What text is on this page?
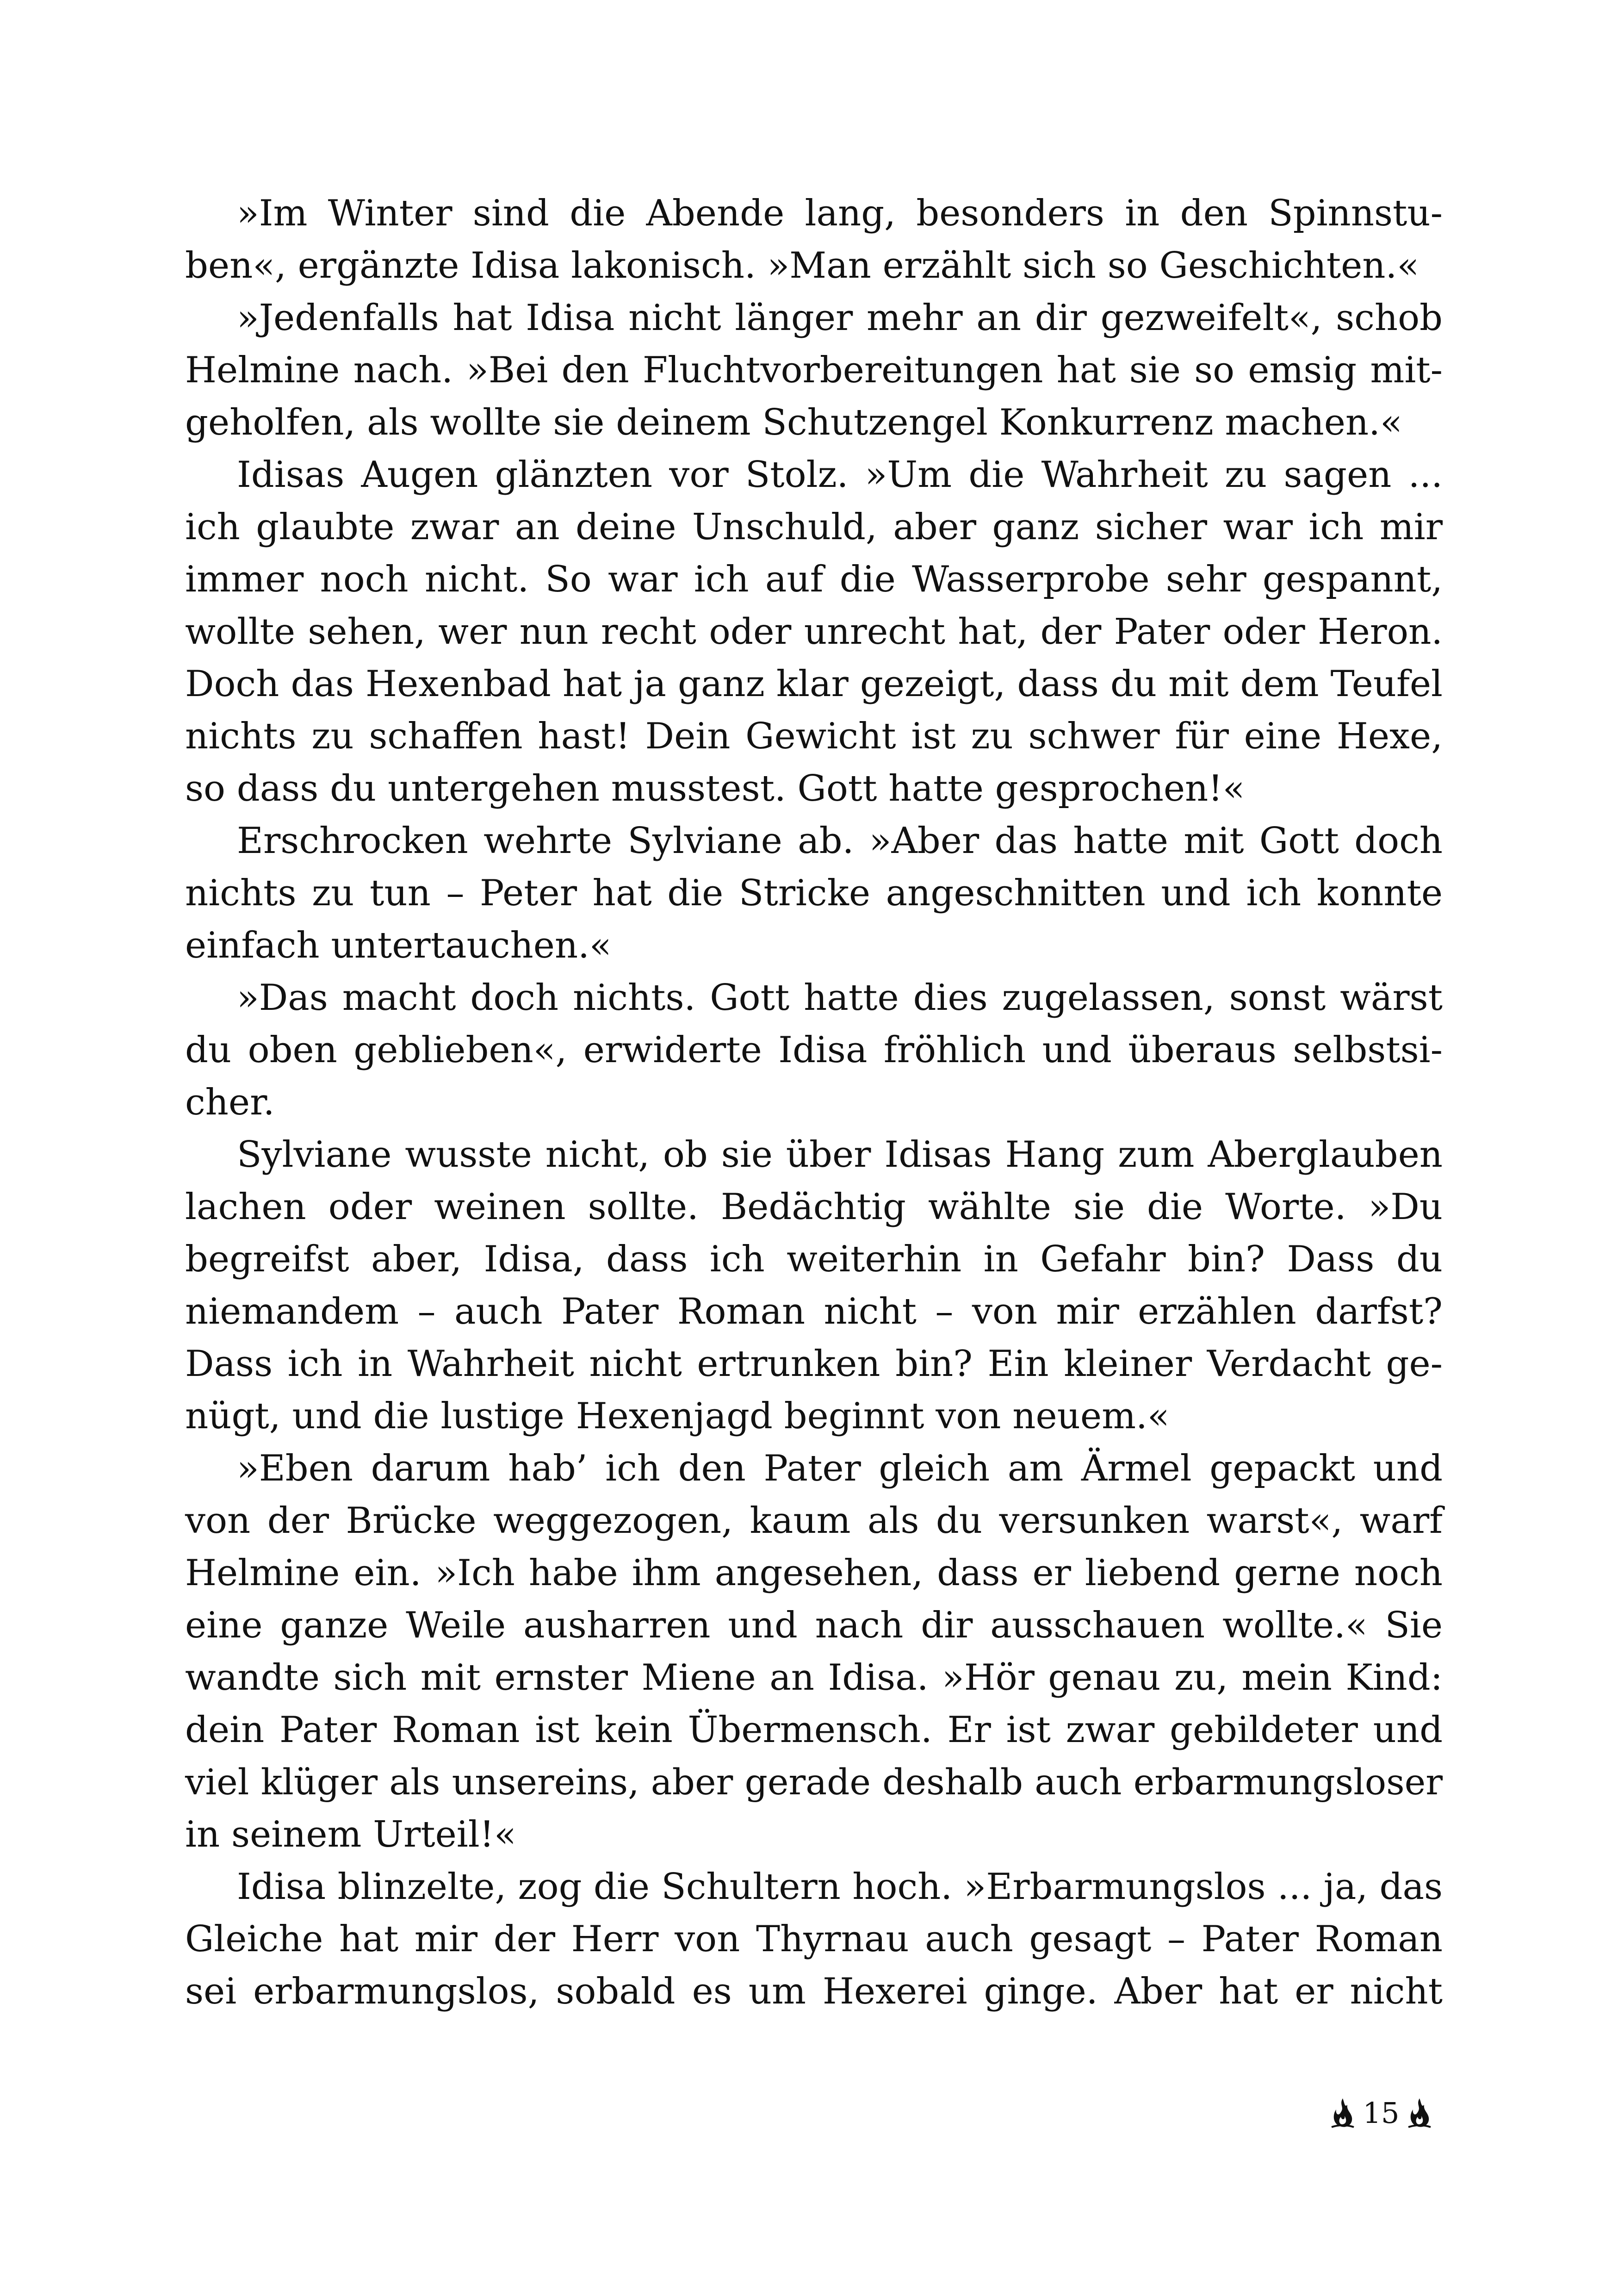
»Im Winter sind die Abende lang, besonders in den Spinnstu-
ben«, ergänzte Idisa lakonisch. »Man erzählt sich so Geschichten.«
»Jedenfalls hat Idisa nicht länger mehr an dir gezweifelt«, schob
Helmine nach. »Bei den Fluchtvorbereitungen hat sie so emsig mit-
geholfen, als wollte sie deinem Schutzengel Konkurrenz machen.«
Idisas Augen glänzten vor Stolz. »Um die Wahrheit zu sagen ...
ich glaubte zwar an deine Unschuld, aber ganz sicher war ich mir
immer noch nicht. So war ich auf die Wasserprobe sehr gespannt,
wollte sehen, wer nun recht oder unrecht hat, der Pater oder Heron.
Doch das Hexenbad hat ja ganz klar gezeigt, dass du mit dem Teufel
nichts zu schaffen hast! Dein Gewicht ist zu schwer für eine Hexe,
so dass du untergehen musstest. Gott hatte gesprochen!«
Erschrocken wehrte Sylviane ab. »Aber das hatte mit Gott doch
nichts zu tun – Peter hat die Stricke angeschnitten und ich konnte
einfach untertauchen.«
»Das macht doch nichts. Gott hatte dies zugelassen, sonst wärst
du oben geblieben«, erwiderte Idisa fröhlich und überaus selbstsi-
cher.
Sylviane wusste nicht, ob sie über Idisas Hang zum Aberglauben
lachen oder weinen sollte. Bedächtig wählte sie die Worte. »Du
begreifst aber, Idisa, dass ich weiterhin in Gefahr bin? Dass du
niemandem – auch Pater Roman nicht – von mir erzählen darfst?
Dass ich in Wahrheit nicht ertrunken bin? Ein kleiner Verdacht ge-
nügt, und die lustige Hexenjagd beginnt von neuem.«
»Eben darum hab’ ich den Pater gleich am Ärmel gepackt und
von der Brücke weggezogen, kaum als du versunken warst«, warf
Helmine ein. »Ich habe ihm angesehen, dass er liebend gerne noch
eine ganze Weile ausharren und nach dir ausschauen wollte.« Sie
wandte sich mit ernster Miene an Idisa. »Hör genau zu, mein Kind:
dein Pater Roman ist kein Übermensch. Er ist zwar gebildeter und
viel klüger als unsereins, aber gerade deshalb auch erbarmungsloser
in seinem Urteil!«
Idisa blinzelte, zog die Schultern hoch. »Erbarmungslos ... ja, das
Gleiche hat mir der Herr von Thyrnau auch gesagt – Pater Roman
sei erbarmungslos, sobald es um Hexerei ginge. Aber hat er nicht
15
